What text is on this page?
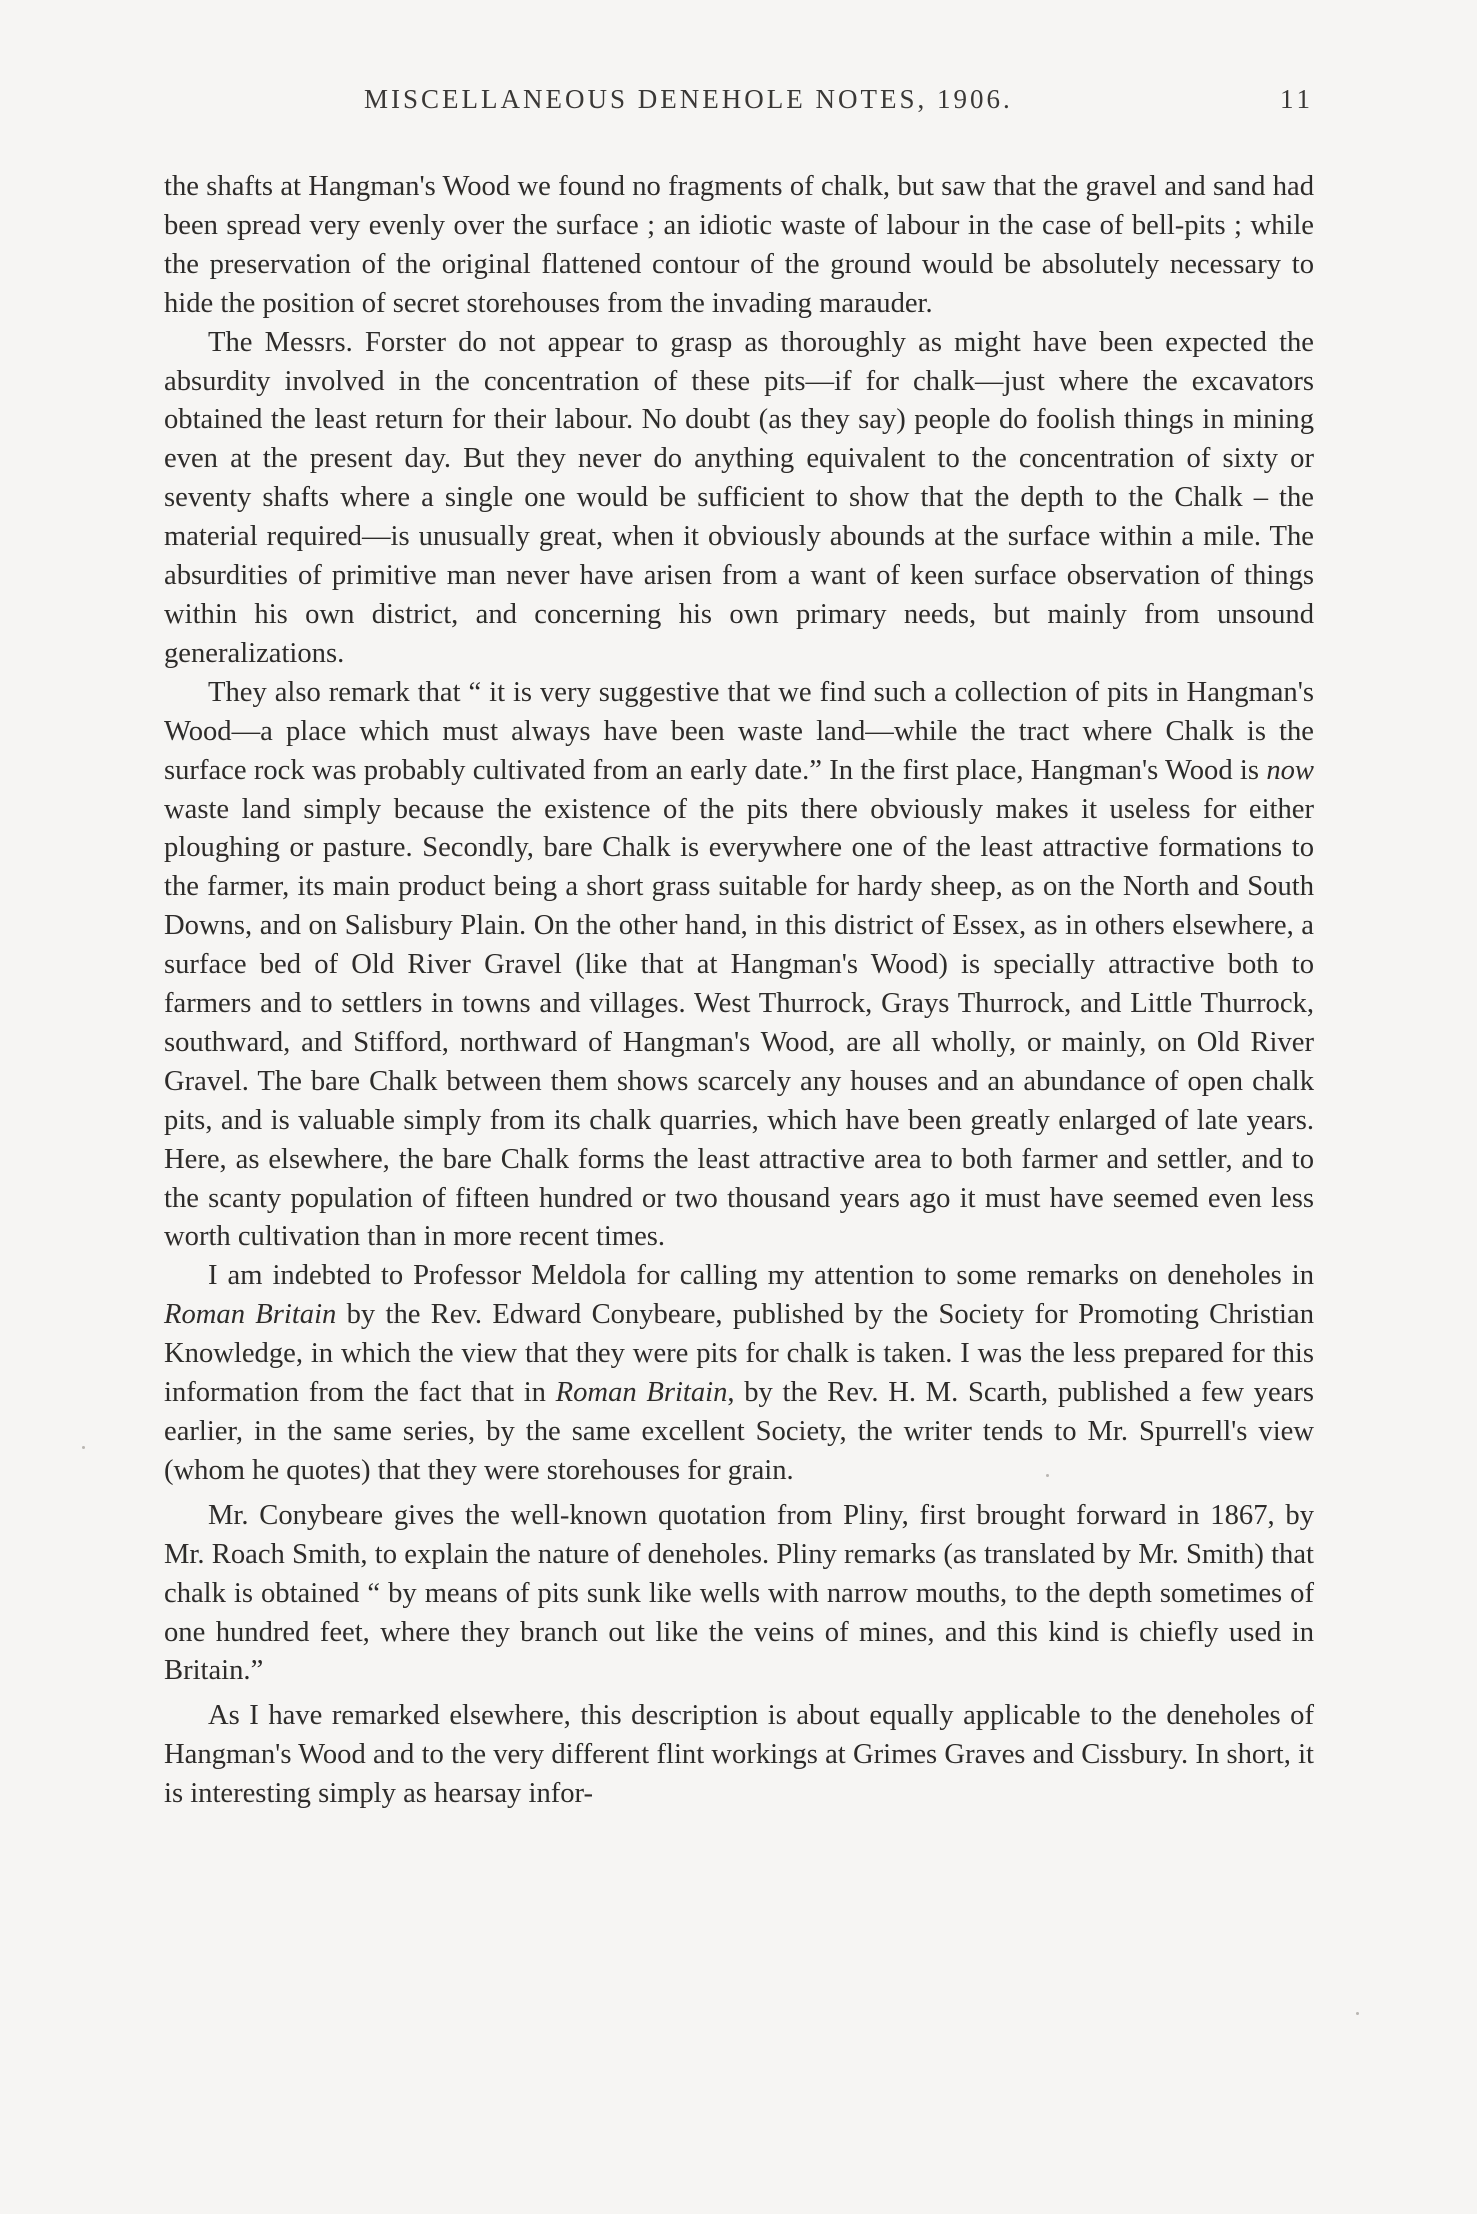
MISCELLANEOUS DENEHOLE NOTES, 1906.	11

the shafts at Hangman's Wood we found no fragments of chalk, but saw that the gravel and sand had been spread very evenly over the surface ; an idiotic waste of labour in the case of bell-pits ; while the preservation of the original flattened contour of the ground would be absolutely necessary to hide the position of secret storehouses from the invading marauder.

The Messrs. Forster do not appear to grasp as thoroughly as might have been expected the absurdity involved in the concentration of these pits—if for chalk—just where the excavators obtained the least return for their labour. No doubt (as they say) people do foolish things in mining even at the present day. But they never do anything equivalent to the concentration of sixty or seventy shafts where a single one would be sufficient to show that the depth to the Chalk – the material required—is unusually great, when it obviously abounds at the surface within a mile. The absurdities of primitive man never have arisen from a want of keen surface observation of things within his own district, and concerning his own primary needs, but mainly from unsound generalizations.

They also remark that “ it is very suggestive that we find such a collection of pits in Hangman's Wood—a place which must always have been waste land—while the tract where Chalk is the surface rock was probably cultivated from an early date.” In the first place, Hangman's Wood is now waste land simply because the existence of the pits there obviously makes it useless for either ploughing or pasture. Secondly, bare Chalk is everywhere one of the least attractive formations to the farmer, its main product being a short grass suitable for hardy sheep, as on the North and South Downs, and on Salisbury Plain. On the other hand, in this district of Essex, as in others elsewhere, a surface bed of Old River Gravel (like that at Hangman's Wood) is specially attractive both to farmers and to settlers in towns and villages. West Thurrock, Grays Thurrock, and Little Thurrock, southward, and Stifford, northward of Hangman's Wood, are all wholly, or mainly, on Old River Gravel. The bare Chalk between them shows scarcely any houses and an abundance of open chalk pits, and is valuable simply from its chalk quarries, which have been greatly enlarged of late years. Here, as elsewhere, the bare Chalk forms the least attractive area to both farmer and settler, and to the scanty population of fifteen hundred or two thousand years ago it must have seemed even less worth cultivation than in more recent times.

I am indebted to Professor Meldola for calling my attention to some remarks on deneholes in Roman Britain by the Rev. Edward Conybeare, published by the Society for Promoting Christian Knowledge, in which the view that they were pits for chalk is taken. I was the less prepared for this information from the fact that in Roman Britain, by the Rev. H. M. Scarth, published a few years earlier, in the same series, by the same excellent Society, the writer tends to Mr. Spurrell's view (whom he quotes) that they were storehouses for grain.

Mr. Conybeare gives the well-known quotation from Pliny, first brought forward in 1867, by Mr. Roach Smith, to explain the nature of deneholes. Pliny remarks (as translated by Mr. Smith) that chalk is obtained “ by means of pits sunk like wells with narrow mouths, to the depth sometimes of one hundred feet, where they branch out like the veins of mines, and this kind is chiefly used in Britain.”

As I have remarked elsewhere, this description is about equally applicable to the deneholes of Hangman's Wood and to the very different flint workings at Grimes Graves and Cissbury. In short, it is interesting simply as hearsay infor-
